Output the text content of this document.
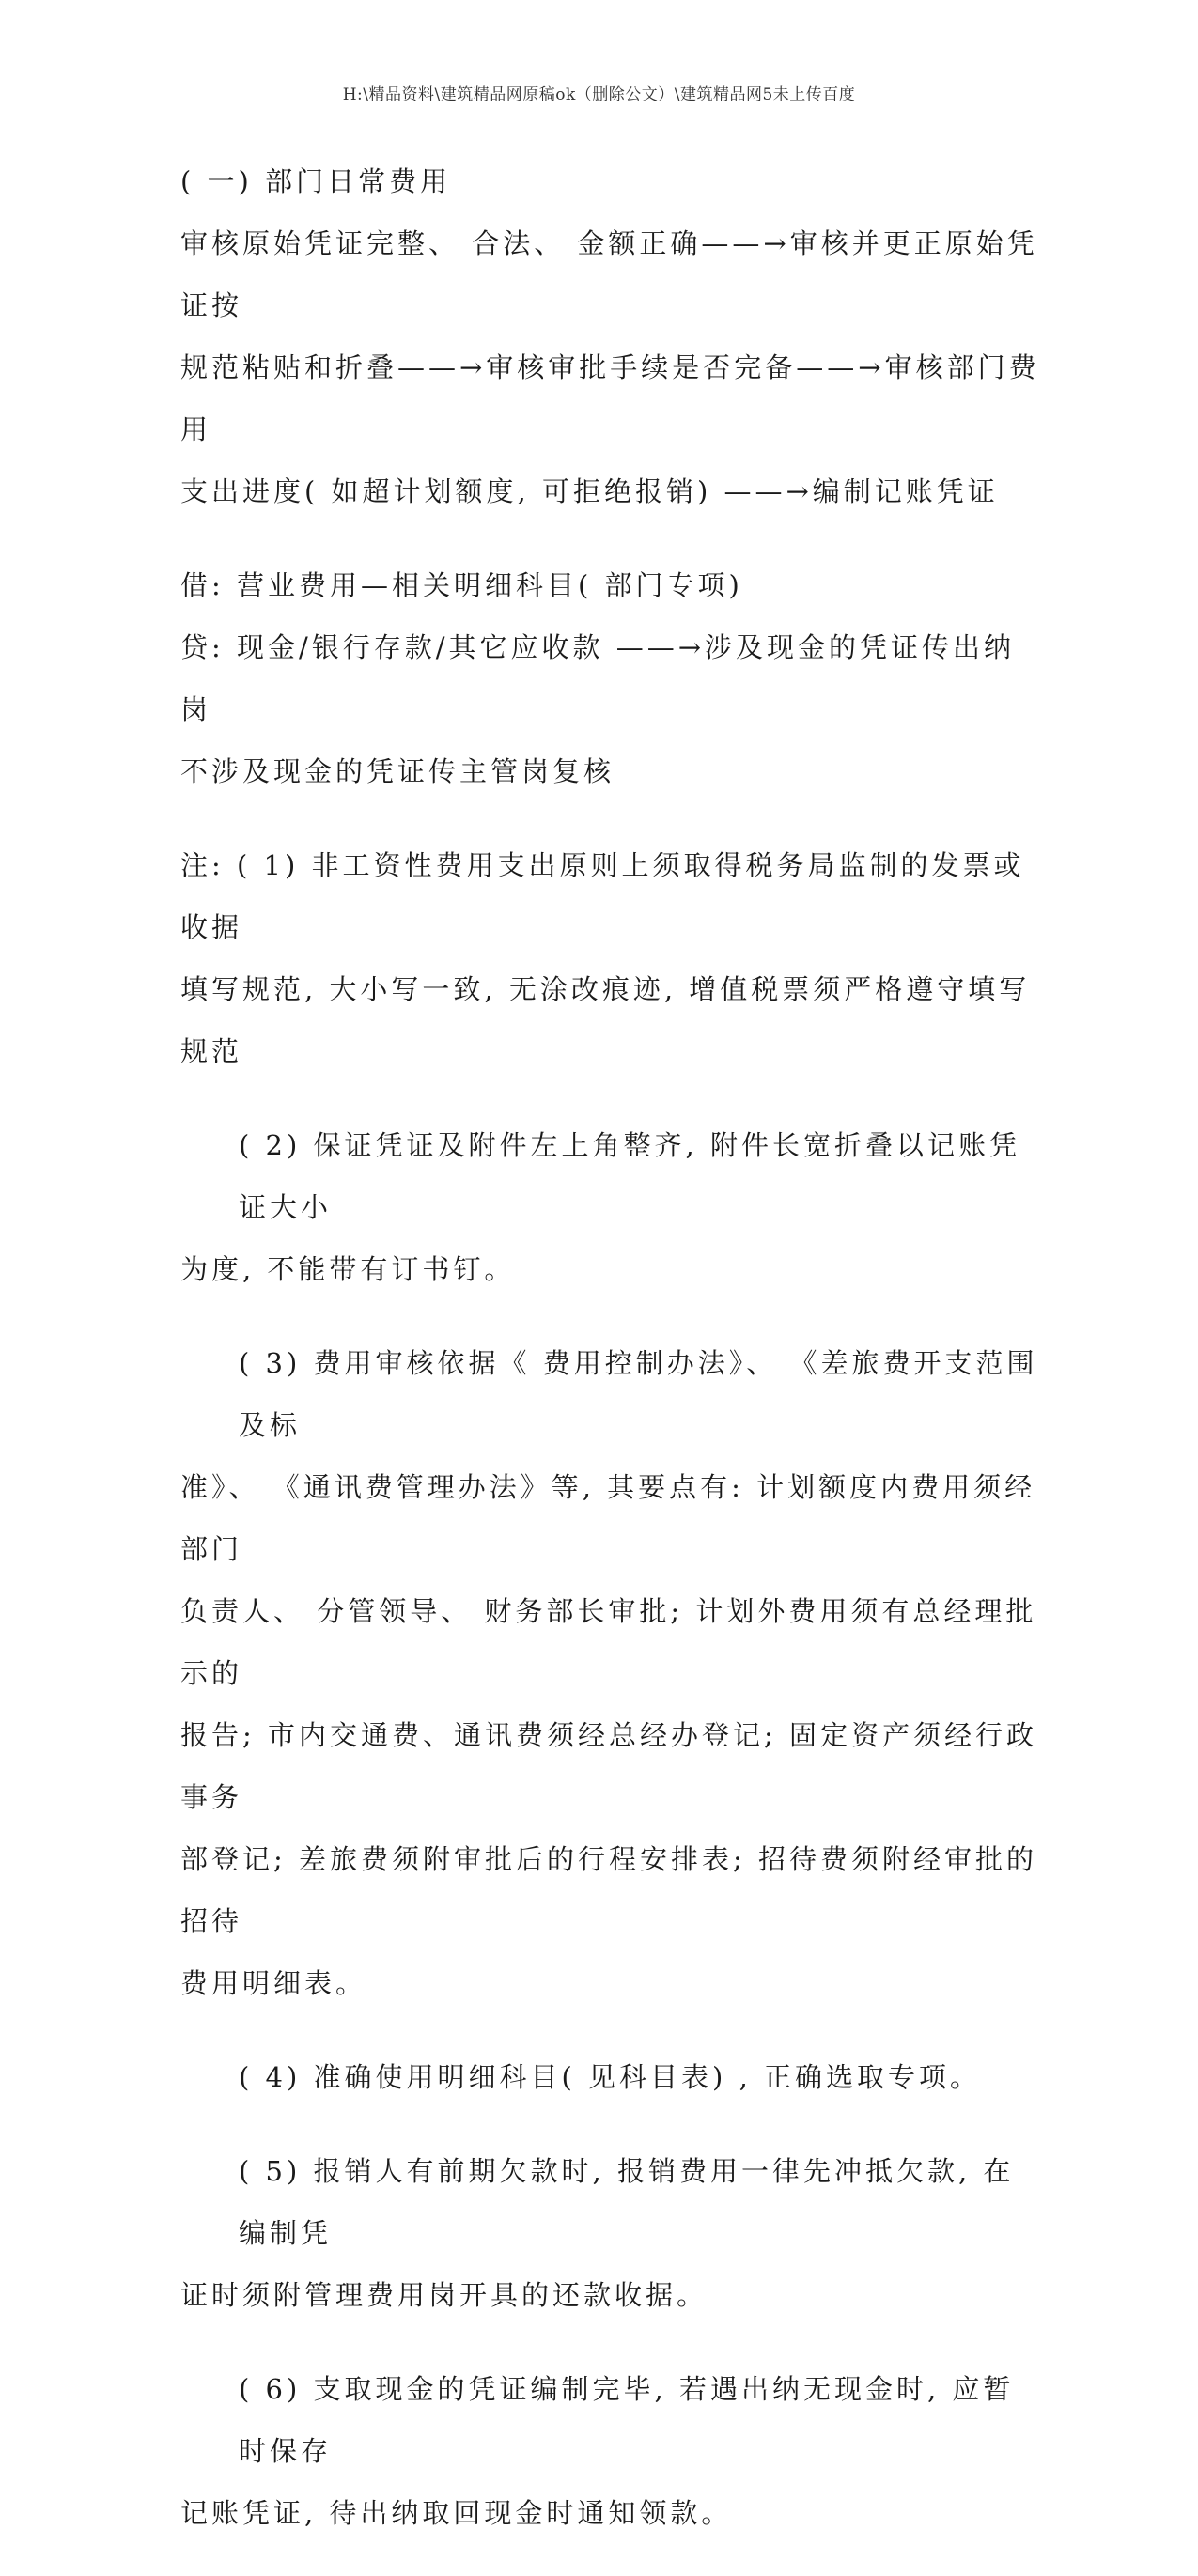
H:\精品资料\建筑精品网原稿ok（删除公文）\建筑精品网5未上传百度

( 一) 部门日常费用

审核原始凭证完整、 合法、 金额正确——→审核并更正原始凭证按

规范粘贴和折叠——→审核审批手续是否完备——→审核部门费用

支出进度( 如超计划额度, 可拒绝报销) ——→编制记账凭证

借: 营业费用—相关明细科目( 部门专项)

贷: 现金/银行存款/其它应收款 ——→涉及现金的凭证传出纳岗

不涉及现金的凭证传主管岗复核

注: ( 1) 非工资性费用支出原则上须取得税务局监制的发票或收据

填写规范, 大小写一致, 无涂改痕迹, 增值税票须严格遵守填写规范

( 2) 保证凭证及附件左上角整齐, 附件长宽折叠以记账凭证大小

为度, 不能带有订书钉。

( 3) 费用审核依据《 费用控制办法》、 《差旅费开支范围及标

准》、 《通讯费管理办法》等, 其要点有: 计划额度内费用须经部门

负责人、 分管领导、 财务部长审批; 计划外费用须有总经理批示的

报告; 市内交通费、通讯费须经总经办登记; 固定资产须经行政事务

部登记; 差旅费须附审批后的行程安排表; 招待费须附经审批的招待

费用明细表。

( 4) 准确使用明细科目( 见科目表) , 正确选取专项。

( 5) 报销人有前期欠款时, 报销费用一律先冲抵欠款, 在编制凭

证时须附管理费用岗开具的还款收据。

( 6) 支取现金的凭证编制完毕, 若遇出纳无现金时, 应暂时保存

记账凭证, 待出纳取回现金时通知领款。
